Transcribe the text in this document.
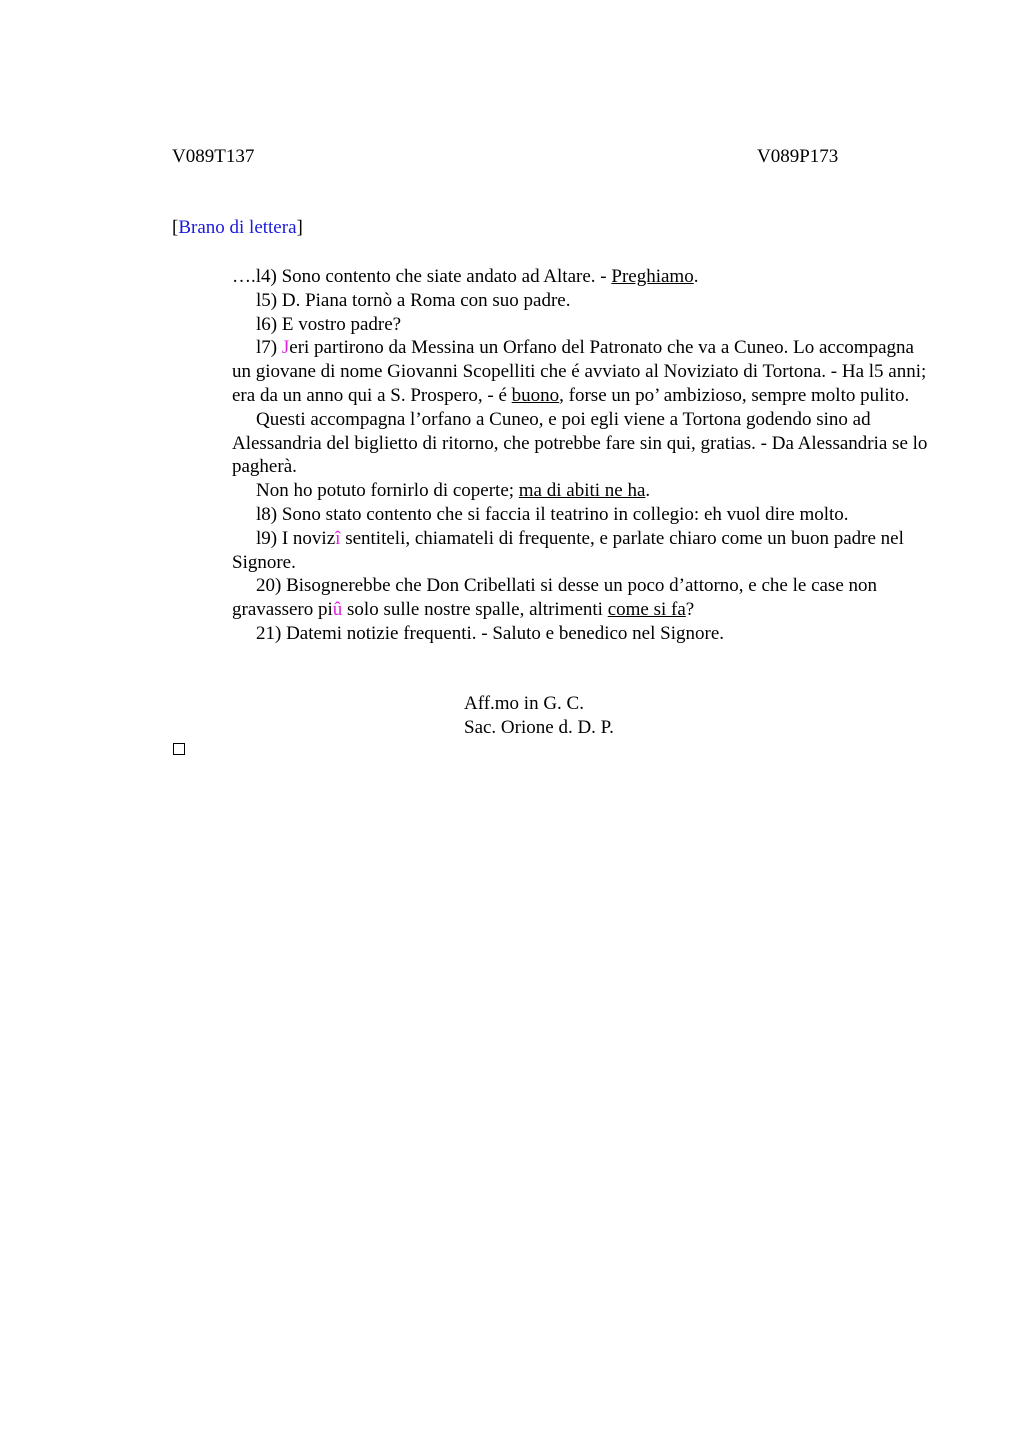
V089T137	V089P173
[Brano di lettera]

….l4) Sono contento che siate andato ad Altare. - Preghiamo.

l5) D. Piana tornò a Roma con suo padre.

l6) E vostro padre?

l7) Jeri partirono da Messina un Orfano del Patronato che va a Cuneo. Lo accompagna un giovane di nome Giovanni Scopelliti che é avviato al Noviziato di Tortona. - Ha l5 anni; era da un anno qui a S. Prospero, - é buono, forse un po’ ambizioso, sempre molto pulito.

Questi accompagna l’orfano a Cuneo, e poi egli viene a Tortona godendo sino ad Alessandria del biglietto di ritorno, che potrebbe fare sin qui, gratias. - Da Alessandria se lo pagherà.

Non ho potuto fornirlo di coperte; ma di abiti ne ha.

l8) Sono stato contento che si faccia il teatrino in collegio: eh vuol dire molto.

l9) I novizî sentiteli, chiamateli di frequente, e parlate chiaro come un buon padre nel Signore.

20) Bisognerebbe che Don Cribellati si desse un poco d’attorno, e che le case non gravassero piû solo sulle nostre spalle, altrimenti come si fa?

21) Datemi notizie frequenti. - Saluto e benedico nel Signore.

Aff.mo in G. C.
Sac. Orione d. D. P.
